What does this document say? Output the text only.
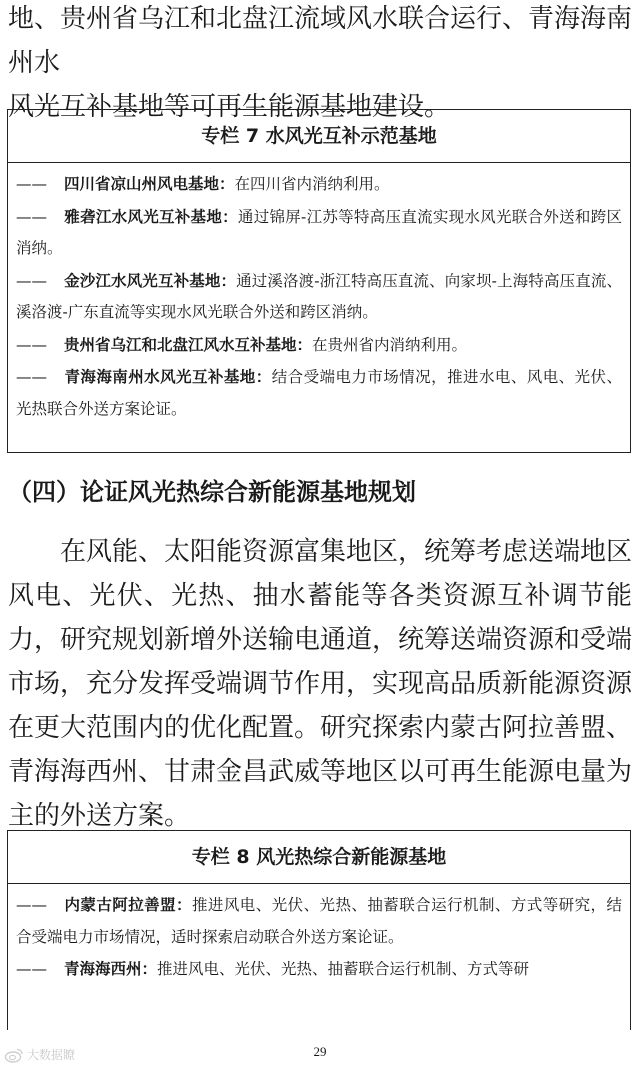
地、贵州省乌江和北盘江流域风水联合运行、青海海南州水
风光互补基地等可再生能源基地建设。

专栏 7 水风光互补示范基地

—— 四川省凉山州风电基地：在四川省内消纳利用。

—— 雅砻江水风光互补基地：通过锦屏-江苏等特高压直流实现水风光联合外送和跨区消纳。

—— 金沙江水风光互补基地：通过溪洛渡-浙江特高压直流、向家坝-上海特高压直流、溪洛渡-广东直流等实现水风光联合外送和跨区消纳。

—— 贵州省乌江和北盘江风水互补基地：在贵州省内消纳利用。

—— 青海海南州水风光互补基地：结合受端电力市场情况，推进水电、风电、光伏、光热联合外送方案论证。

（四）论证风光热综合新能源基地规划

在风能、太阳能资源富集地区，统筹考虑送端地区风电、光伏、光热、抽水蓄能等各类资源互补调节能力，研究规划新增外送输电通道，统筹送端资源和受端市场，充分发挥受端调节作用，实现高品质新能源资源在更大范围内的优化配置。研究探索内蒙古阿拉善盟、青海海西州、甘肃金昌武威等地区以可再生能源电量为主的外送方案。

专栏 8 风光热综合新能源基地

—— 内蒙古阿拉善盟：推进风电、光伏、光热、抽蓄联合运行机制、方式等研究，结合受端电力市场情况，适时探索启动联合外送方案论证。

—— 青海海西州：推进风电、光伏、光热、抽蓄联合运行机制、方式等研

大数据瞭	29
